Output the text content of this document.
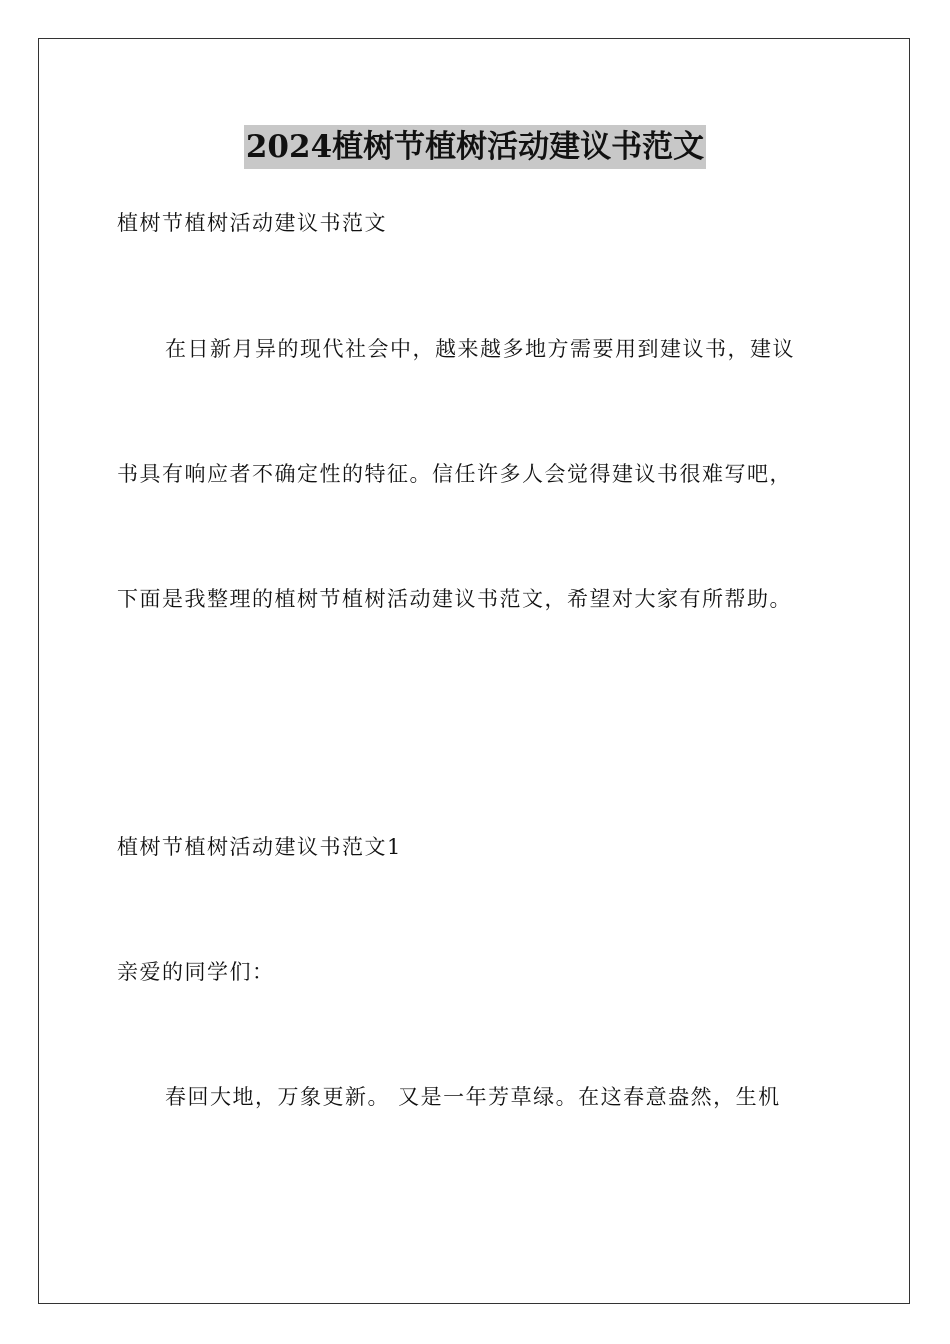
2024植树节植树活动建议书范文
植树节植树活动建议书范文
在日新月异的现代社会中，越来越多地方需要用到建议书，建议
书具有响应者不确定性的特征。信任许多人会觉得建议书很难写吧，
下面是我整理的植树节植树活动建议书范文，希望对大家有所帮助。
植树节植树活动建议书范文1
亲爱的同学们：
春回大地，万象更新。 又是一年芳草绿。在这春意盎然，生机
